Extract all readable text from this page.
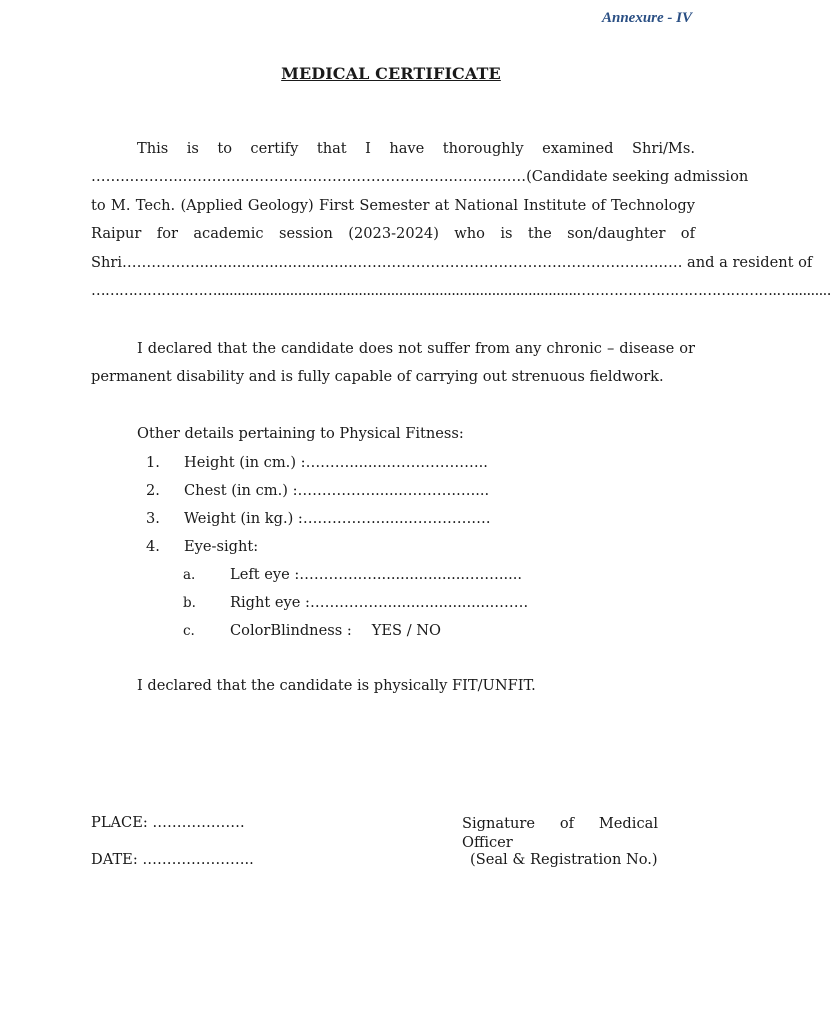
Annexure - IV
MEDICAL CERTIFICATE
This is to certify that I have thoroughly examined Shri/Ms.
……..………..……….....………….………………………..……………(Candidate seeking admission
to M. Tech. (Applied Geology) First Semester at National Institute of Technology
Raipur for academic session (2023-2024) who is the son/daughter of
Shri……………...................................……………………………………………….……..…. and a resident of
……………………….........................................................................................…………………………………….…..........
I declared that the candidate does not suffer from any chronic – disease or
permanent disability and is fully capable of carrying out strenuous fieldwork.
Other details pertaining to Physical Fitness:
1. Height (in cm.) :……….........………………..
2. Chest (in cm.) :……………........……….…....
3. Weight (in kg.) :……………........…………….
4. Eye-sight:
a. Left eye :………….…....................…….....
b. Right eye :……………........................…….
c. ColorBlindness : YES / NO
I declared that the candidate is physically FIT/UNFIT.
PLACE: ……………….
DATE: …………………..
Signature of Medical
Officer
(Seal & Registration No.)
